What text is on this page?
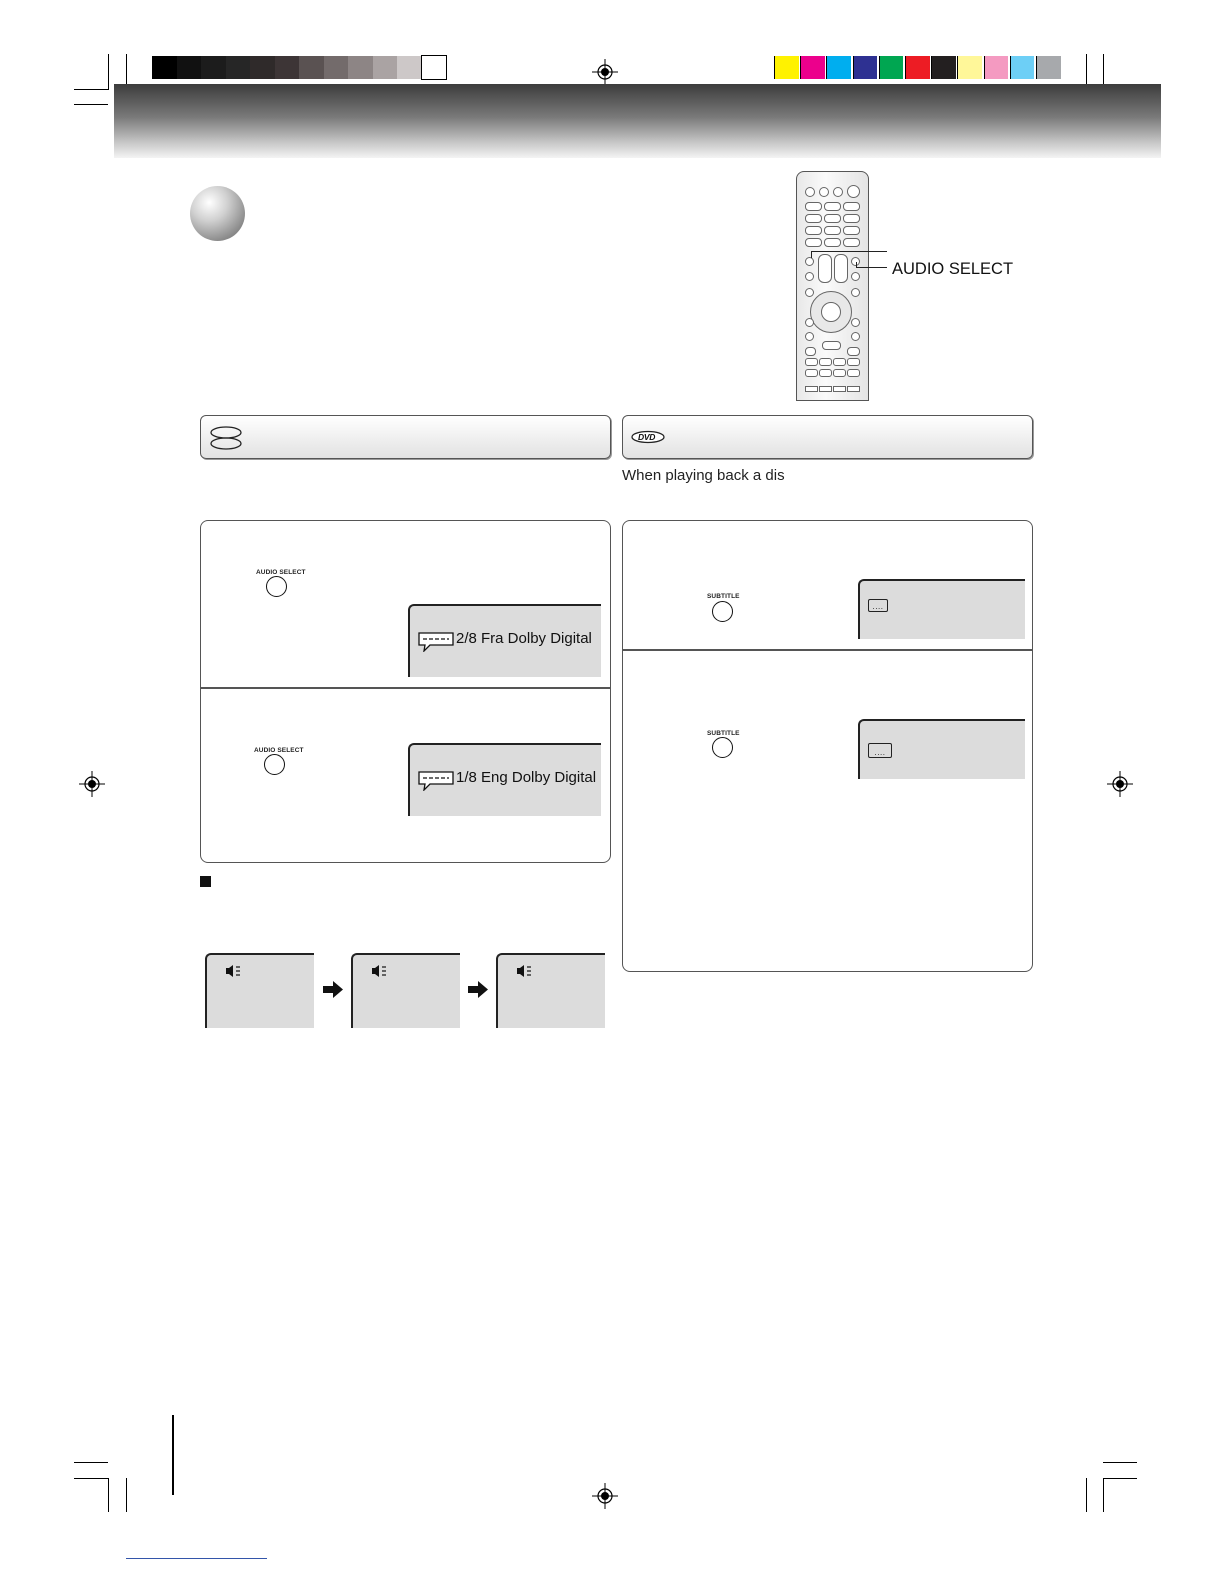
AUDIO SELECT
DVD
When playing back a dis
AUDIO SELECT
2/8 Fra Dolby Digital
AUDIO SELECT
1/8 Eng Dolby Digital
SUBTITLE
....
SUBTITLE
....
